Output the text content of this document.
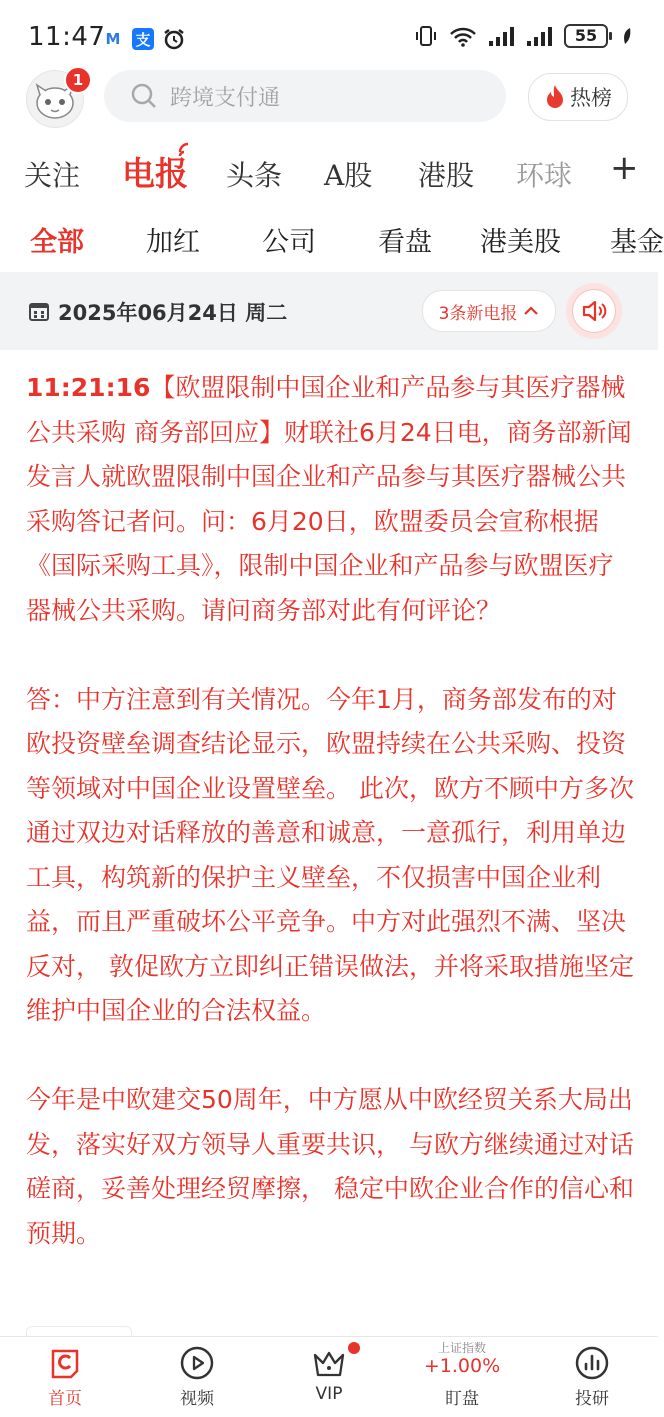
11:47 M 支	55
1
跨境支付通	热榜
关注 电报 头条 A股 港股 环球 +
全部 加红 公司 看盘 港美股 基金
2025年06月24日 周二	3条新电报

11:21:16【欧盟限制中国企业和产品参与其医疗器械公共采购 商务部回应】财联社6月24日电，商务部新闻发言人就欧盟限制中国企业和产品参与其医疗器械公共采购答记者问。问：6月20日，欧盟委员会宣称根据《国际采购工具》，限制中国企业和产品参与欧盟医疗器械公共采购。请问商务部对此有何评论？

答：中方注意到有关情况。今年1月，商务部发布的对欧投资壁垒调查结论显示，欧盟持续在公共采购、投资等领域对中国企业设置壁垒。 此次，欧方不顾中方多次通过双边对话释放的善意和诚意，一意孤行，利用单边工具，构筑新的保护主义壁垒，不仅损害中国企业利益，而且严重破坏公平竞争。中方对此强烈不满、坚决反对， 敦促欧方立即纠正错误做法，并将采取措施坚定维护中国企业的合法权益。

今年是中欧建交50周年，中方愿从中欧经贸关系大局出发，落实好双方领导人重要共识， 与欧方继续通过对话磋商，妥善处理经贸摩擦， 稳定中欧企业合作的信心和预期。

首页	视频	VIP
上证指数
+1.00%
盯盘	投研
